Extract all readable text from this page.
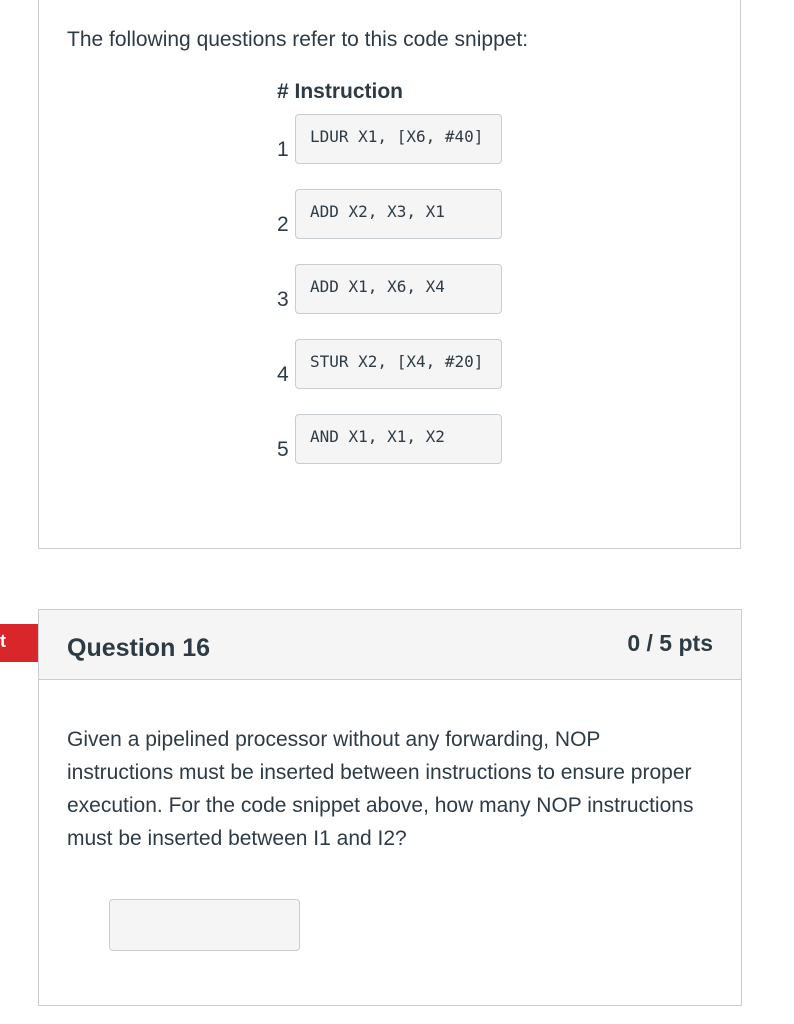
The following questions refer to this code snippet:
# Instruction
1
LDUR X1, [X6, #40]
2
ADD X2, X3, X1
3
ADD X1, X6, X4
4
STUR X2, [X4, #20]
5
AND X1, X1, X2
t Question 16	0 / 5 pts
Given a pipelined processor without any forwarding, NOP instructions must be inserted between instructions to ensure proper execution. For the code snippet above, how many NOP instructions must be inserted between I1 and I2?
